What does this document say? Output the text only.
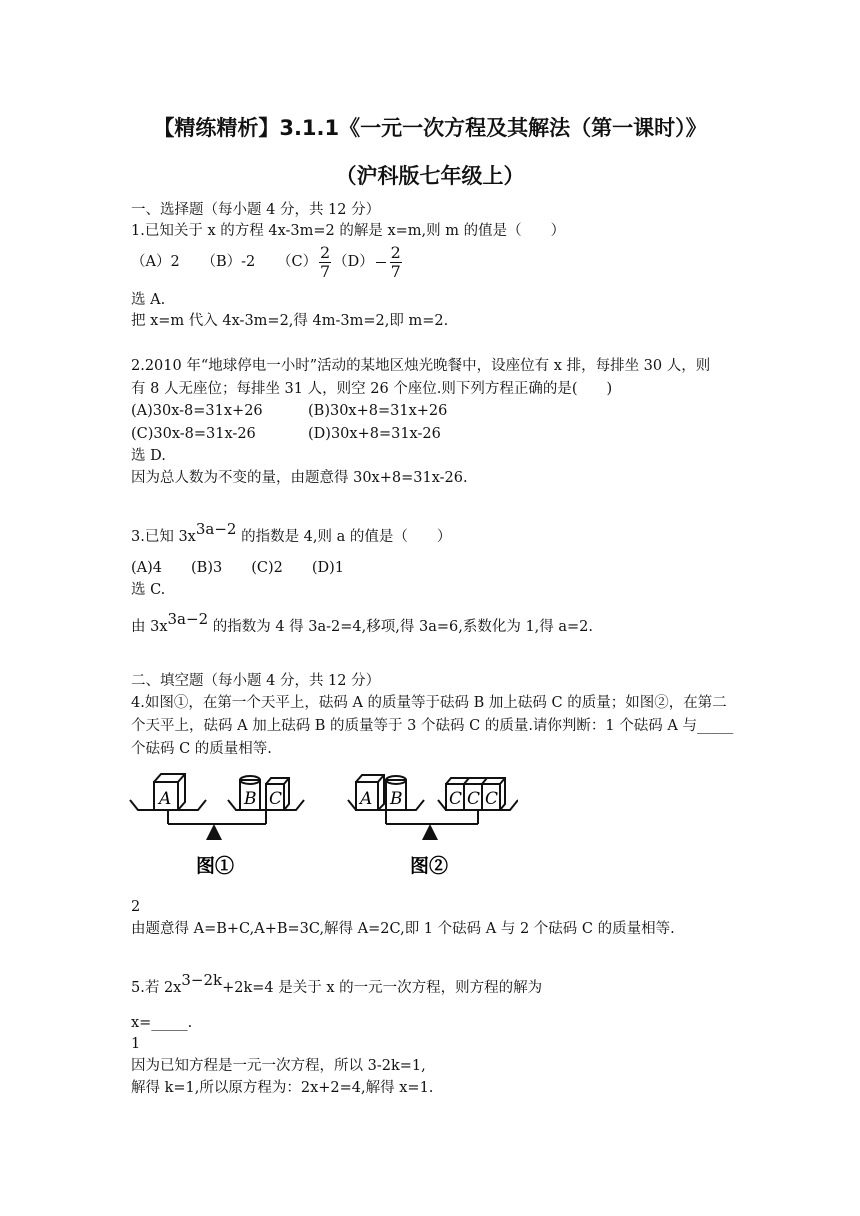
【精练精析】3.1.1《一元一次方程及其解法（第一课时）》
（沪科版七年级上）
一、选择题（每小题 4 分，共 12 分）
1.已知关于 x 的方程 4x-3m=2 的解是 x=m,则 m 的值是（　　）
（A）2　　（B）-2　　$(C) \frac{2}{7} (D) \frac{2}{7}$
选 A.
把 x=m 代入 4x-3m=2,得 4m-3m=2,即 m=2.
2.2010 年“地球停电一小时”活动的某地区烛光晚餐中，设座位有 x 排，每排坐 30 人，则
有 8 人无座位；每排坐 31 人，则空 26 个座位.则下列方程正确的是(　　)
(A)30x-8=31x+26	(B)30x+8=31x+26
(C)30x-8=31x-26	(D)30x+8=31x-26
选 D.
因为总人数为不变的量，由题意得 30x+8=31x-26.
3.已知 3x3a−2 的指数是 4,则 a 的值是（　　）
(A)4　　(B)3　　(C)2　　(D)1
选 C.
由 3x3a−2 的指数为 4 得 3a-2=4,移项,得 3a=6,系数化为 1,得 a=2.
二、填空题（每小题 4 分，共 12 分）
4.如图①，在第一个天平上，砝码 A 的质量等于砝码 B 加上砝码 C 的质量；如图②，在第二
个天平上，砝码 A 加上砝码 B 的质量等于 3 个砝码 C 的质量.请你判断：1 个砝码 A 与_____
个砝码 C 的质量相等.
A	B C
图①
A B	C C C
图②
2
由题意得 A=B+C,A+B=3C,解得 A=2C,即 1 个砝码 A 与 2 个砝码 C 的质量相等.
5.若 2x3−2k+2k=4 是关于 x 的一元一次方程，则方程的解为
x=_____.
1
因为已知方程是一元一次方程，所以 3-2k=1,
解得 k=1,所以原方程为：2x+2=4,解得 x=1.
